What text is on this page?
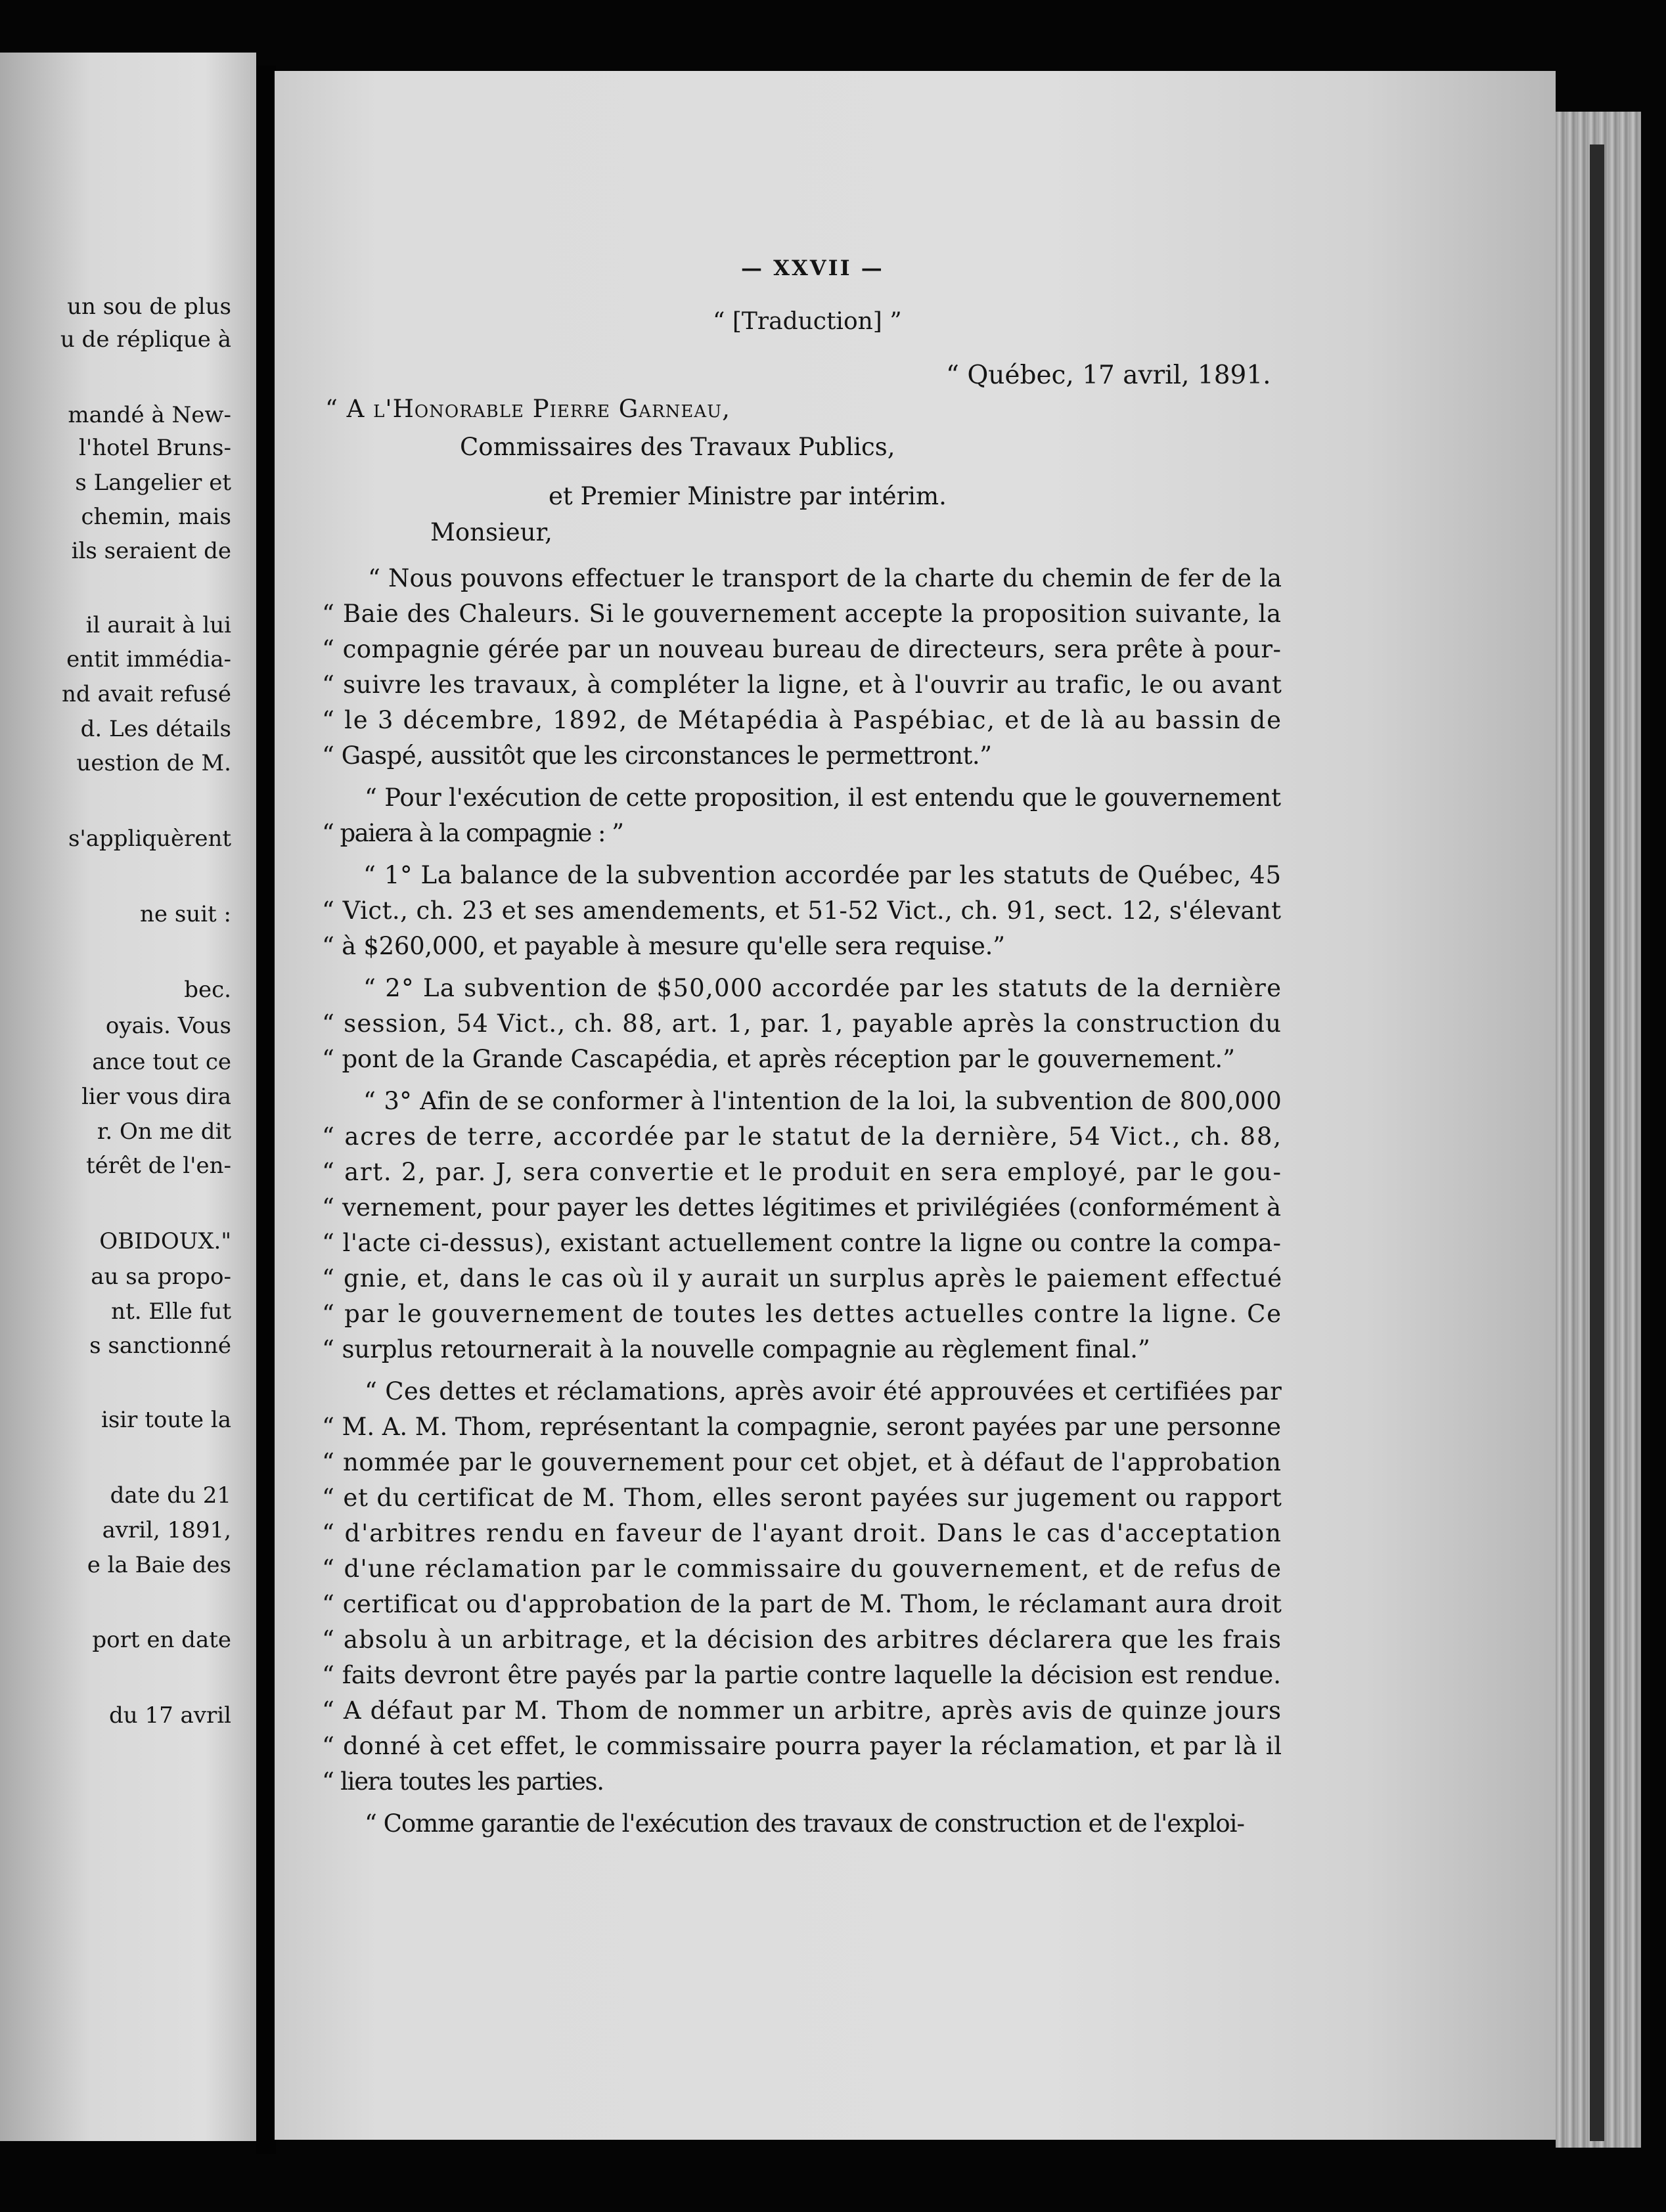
un sou de plus
u de réplique à
mandé à New-
l'hotel Bruns-
s Langelier et
chemin, mais
ils seraient de
il aurait à lui
entit immédia-
nd avait refusé
d. Les détails
uestion de M.
s'appliquèrent
ne suit :
bec.
oyais. Vous
ance tout ce
lier vous dira
r. On me dit
térêt de l'en-
OBIDOUX."
au sa propo-
nt. Elle fut
s sanctionné
isir toute la
date du 21
avril, 1891,
e la Baie des
port en date
du 17 avril
— XXVII —
“ [Traduction] ”
“ Québec, 17 avril, 1891.
“ A l'Honorable Pierre Garneau,
Commissaires des Travaux Publics,
et Premier Ministre par intérim.
Monsieur,
“ Nous pouvons effectuer le transport de la charte du chemin de fer de la
“ Baie des Chaleurs. Si le gouvernement accepte la proposition suivante, la
“ compagnie gérée par un nouveau bureau de directeurs, sera prête à pour-
“ suivre les travaux, à compléter la ligne, et à l'ouvrir au trafic, le ou avant
“ le 3 décembre, 1892, de Métapédia à Paspébiac, et de là au bassin de
“ Gaspé, aussitôt que les circonstances le permettront.”
“ Pour l'exécution de cette proposition, il est entendu que le gouvernement
“ paiera à la compagnie : ”
“ 1° La balance de la subvention accordée par les statuts de Québec, 45
“ Vict., ch. 23 et ses amendements, et 51-52 Vict., ch. 91, sect. 12, s'élevant
“ à $260,000, et payable à mesure qu'elle sera requise.”
“ 2° La subvention de $50,000 accordée par les statuts de la dernière
“ session, 54 Vict., ch. 88, art. 1, par. 1, payable après la construction du
“ pont de la Grande Cascapédia, et après réception par le gouvernement.”
“ 3° Afin de se conformer à l'intention de la loi, la subvention de 800,000
“ acres de terre, accordée par le statut de la dernière, 54 Vict., ch. 88,
“ art. 2, par. J, sera convertie et le produit en sera employé, par le gou-
“ vernement, pour payer les dettes légitimes et privilégiées (conformément à
“ l'acte ci-dessus), existant actuellement contre la ligne ou contre la compa-
“ gnie, et, dans le cas où il y aurait un surplus après le paiement effectué
“ par le gouvernement de toutes les dettes actuelles contre la ligne. Ce
“ surplus retournerait à la nouvelle compagnie au règlement final.”
“ Ces dettes et réclamations, après avoir été approuvées et certifiées par
“ M. A. M. Thom, représentant la compagnie, seront payées par une personne
“ nommée par le gouvernement pour cet objet, et à défaut de l'approbation
“ et du certificat de M. Thom, elles seront payées sur jugement ou rapport
“ d'arbitres rendu en faveur de l'ayant droit. Dans le cas d'acceptation
“ d'une réclamation par le commissaire du gouvernement, et de refus de
“ certificat ou d'approbation de la part de M. Thom, le réclamant aura droit
“ absolu à un arbitrage, et la décision des arbitres déclarera que les frais
“ faits devront être payés par la partie contre laquelle la décision est rendue.
“ A défaut par M. Thom de nommer un arbitre, après avis de quinze jours
“ donné à cet effet, le commissaire pourra payer la réclamation, et par là il
“ liera toutes les parties.
“ Comme garantie de l'exécution des travaux de construction et de l'exploi-
